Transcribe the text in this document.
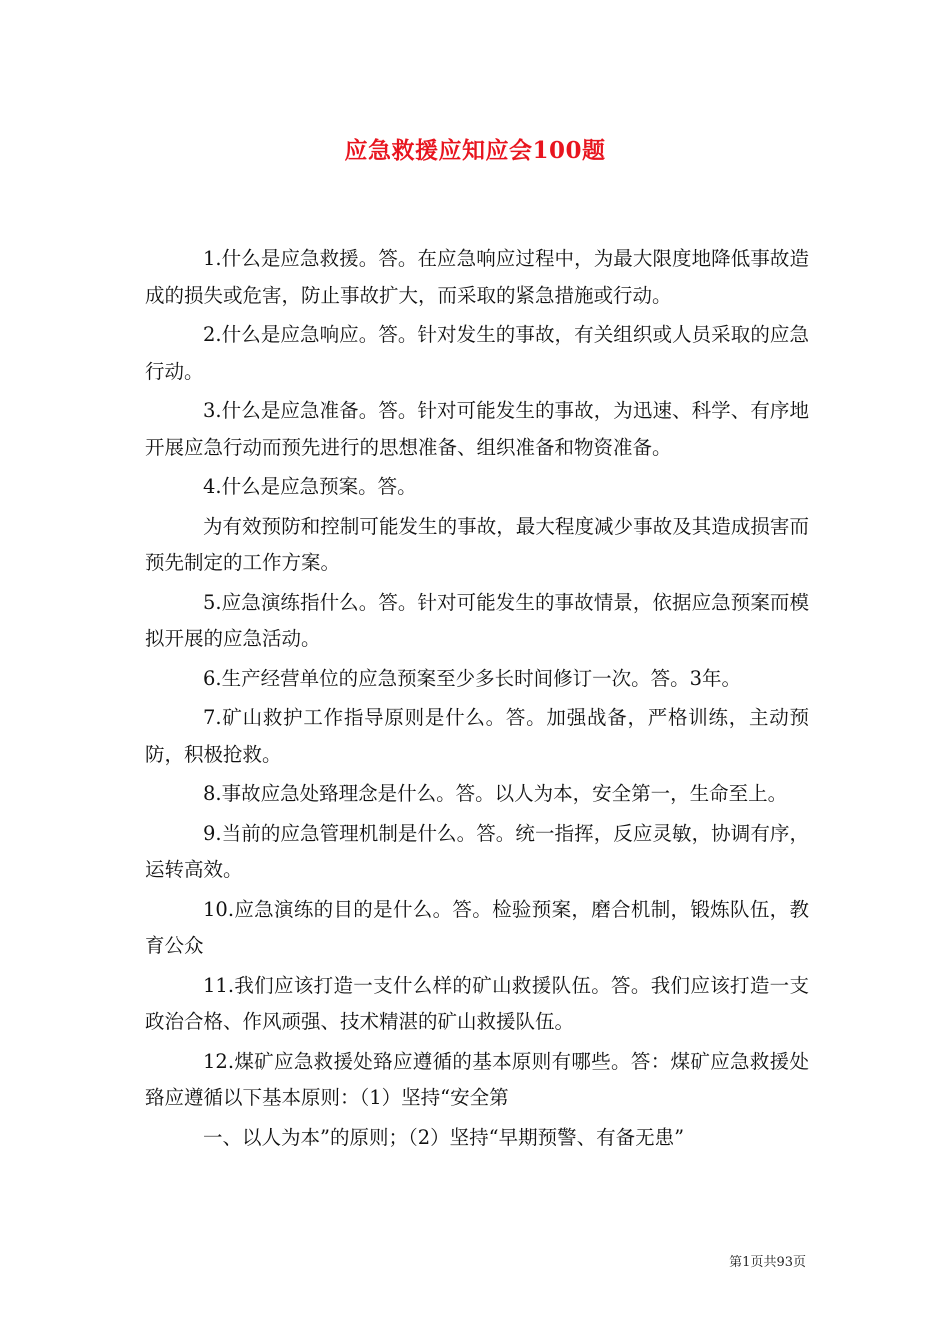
应急救援应知应会100题

1.什么是应急救援。答。在应急响应过程中，为最大限度地降低事故造成的损失或危害，防止事故扩大，而采取的紧急措施或行动。

2.什么是应急响应。答。针对发生的事故，有关组织或人员采取的应急行动。

3.什么是应急准备。答。针对可能发生的事故，为迅速、科学、有序地开展应急行动而预先进行的思想准备、组织准备和物资准备。

4.什么是应急预案。答。

为有效预防和控制可能发生的事故，最大程度减少事故及其造成损害而预先制定的工作方案。

5.应急演练指什么。答。针对可能发生的事故情景，依据应急预案而模拟开展的应急活动。

6.生产经营单位的应急预案至少多长时间修订一次。答。3年。

7.矿山救护工作指导原则是什么。答。加强战备，严格训练，主动预防，积极抢救。

8.事故应急处臵理念是什么。答。以人为本，安全第一，生命至上。

9.当前的应急管理机制是什么。答。统一指挥，反应灵敏，协调有序，运转高效。

10.应急演练的目的是什么。答。检验预案，磨合机制，锻炼队伍，教育公众

11.我们应该打造一支什么样的矿山救援队伍。答。我们应该打造一支政治合格、作风顽强、技术精湛的矿山救援队伍。

12.煤矿应急救援处臵应遵循的基本原则有哪些。答：煤矿应急救援处臵应遵循以下基本原则：（1）坚持“安全第

一、以人为本”的原则；（2）坚持“早期预警、有备无患”

第1页共93页
